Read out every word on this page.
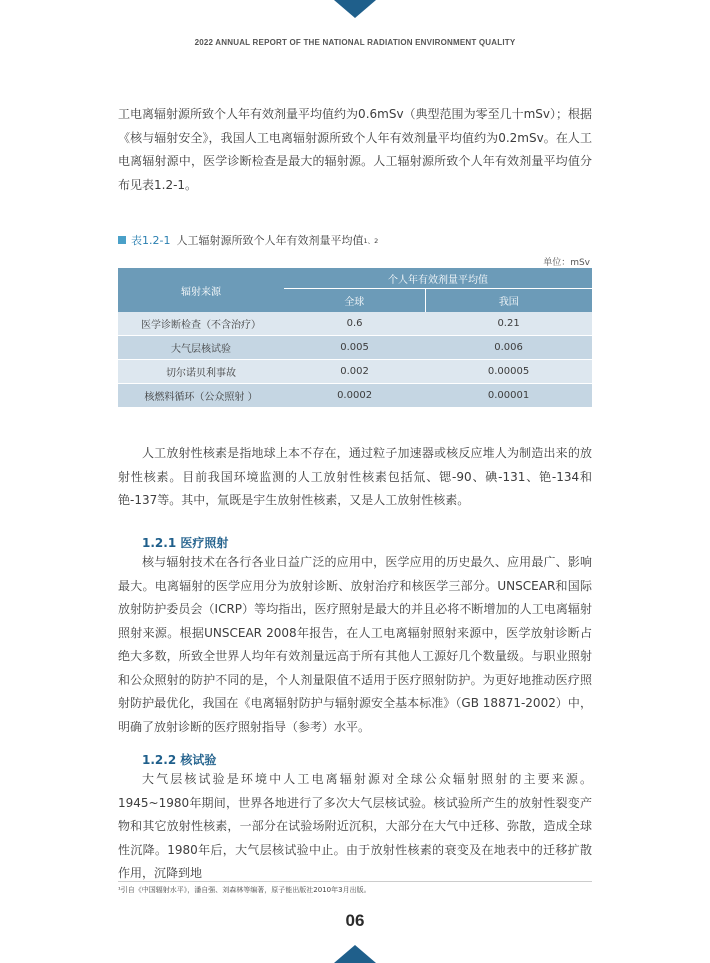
2022 ANNUAL REPORT OF THE NATIONAL RADIATION ENVIRONMENT QUALITY

工电离辐射源所致个人年有效剂量平均值约为0.6mSv（典型范围为零至几十mSv）；根据《核与辐射安全》，我国人工电离辐射源所致个人年有效剂量平均值约为0.2mSv。在人工电离辐射源中，医学诊断检查是最大的辐射源。人工辐射源所致个人年有效剂量平均值分布见表1.2-1。

表1.2-1 人工辐射源所致个人年有效剂量平均值 1、2
单位：mSv
辐射来源	个人年有效剂量平均值	
	全球	我国
医学诊断检查（不含治疗）	0.6	0.21
大气层核试验	0.005	0.006
切尔诺贝利事故	0.002	0.00005
核燃料循环（公众照射 ）	0.0002	0.00001

人工放射性核素是指地球上本不存在，通过粒子加速器或核反应堆人为制造出来的放射性核素。目前我国环境监测的人工放射性核素包括氚、锶-90、碘-131、铯-134和铯-137等。其中，氚既是宇生放射性核素，又是人工放射性核素。

1.2.1 医疗照射

核与辐射技术在各行各业日益广泛的应用中，医学应用的历史最久、应用最广、影响最大。电离辐射的医学应用分为放射诊断、放射治疗和核医学三部分。UNSCEAR和国际放射防护委员会（ICRP）等均指出，医疗照射是最大的并且必将不断增加的人工电离辐射照射来源。根据UNSCEAR 2008年报告，在人工电离辐射照射来源中，医学放射诊断占绝大多数，所致全世界人均年有效剂量远高于所有其他人工源好几个数量级。与职业照射和公众照射的防护不同的是，个人剂量限值不适用于医疗照射防护。为更好地推动医疗照射防护最优化，我国在《电离辐射防护与辐射源安全基本标准》（GB 18871-2002）中，明确了放射诊断的医疗照射指导（参考）水平。

1.2.2 核试验

大气层核试验是环境中人工电离辐射源对全球公众辐射照射的主要来源。1945~1980年期间，世界各地进行了多次大气层核试验。核试验所产生的放射性裂变产物和其它放射性核素，一部分在试验场附近沉积，大部分在大气中迁移、弥散，造成全球性沉降。1980年后，大气层核试验中止。由于放射性核素的衰变及在地表中的迁移扩散作用，沉降到地

¹引自《中国辐射水平》，潘自强、刘森林等编著，原子能出版社2010年3月出版。
06
